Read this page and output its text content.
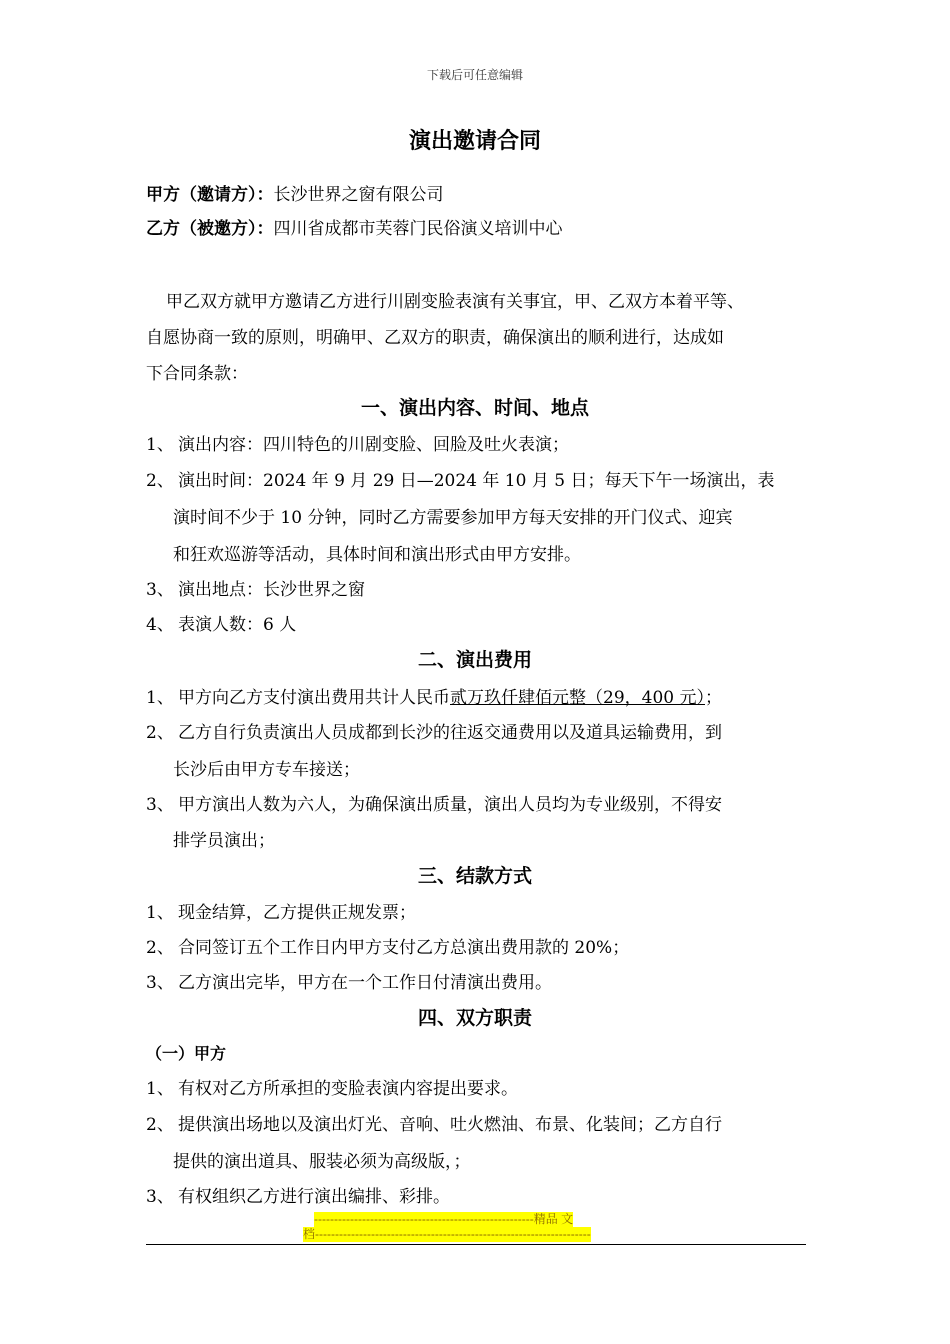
下载后可任意编辑
演出邀请合同
甲方（邀请方）：长沙世界之窗有限公司
乙方（被邀方）：四川省成都市芙蓉门民俗演义培训中心
甲乙双方就甲方邀请乙方进行川剧变脸表演有关事宜，甲、乙双方本着平等、
自愿协商一致的原则，明确甲、乙双方的职责，确保演出的顺利进行，达成如
下合同条款：
一、演出内容、时间、地点
1、 演出内容：四川特色的川剧变脸、回脸及吐火表演；
2、 演出时间：2024 年 9 月 29 日—2024 年 10 月 5 日；每天下午一场演出，表
演时间不少于 10 分钟，同时乙方需要参加甲方每天安排的开门仪式、迎宾
和狂欢巡游等活动，具体时间和演出形式由甲方安排。
3、 演出地点：长沙世界之窗
4、 表演人数：6 人
二、演出费用
1、 甲方向乙方支付演出费用共计人民币贰万玖仟肆佰元整（29，400 元）；
2、 乙方自行负责演出人员成都到长沙的往返交通费用以及道具运输费用，到
长沙后由甲方专车接送；
3、 甲方演出人数为六人，为确保演出质量，演出人员均为专业级别，不得安
排学员演出；
三、结款方式
1、 现金结算，乙方提供正规发票；
2、 合同签订五个工作日内甲方支付乙方总演出费用款的 20%；
3、 乙方演出完毕，甲方在一个工作日付清演出费用。
四、双方职责
（一）甲方
1、 有权对乙方所承担的变脸表演内容提出要求。
2、 提供演出场地以及演出灯光、音响、吐火燃油、布景、化装间；乙方自行
提供的演出道具、服装必须为高级版，；
3、 有权组织乙方进行演出编排、彩排。
-------------------------------------------------------精品 文
档---------------------------------------------------------------------
